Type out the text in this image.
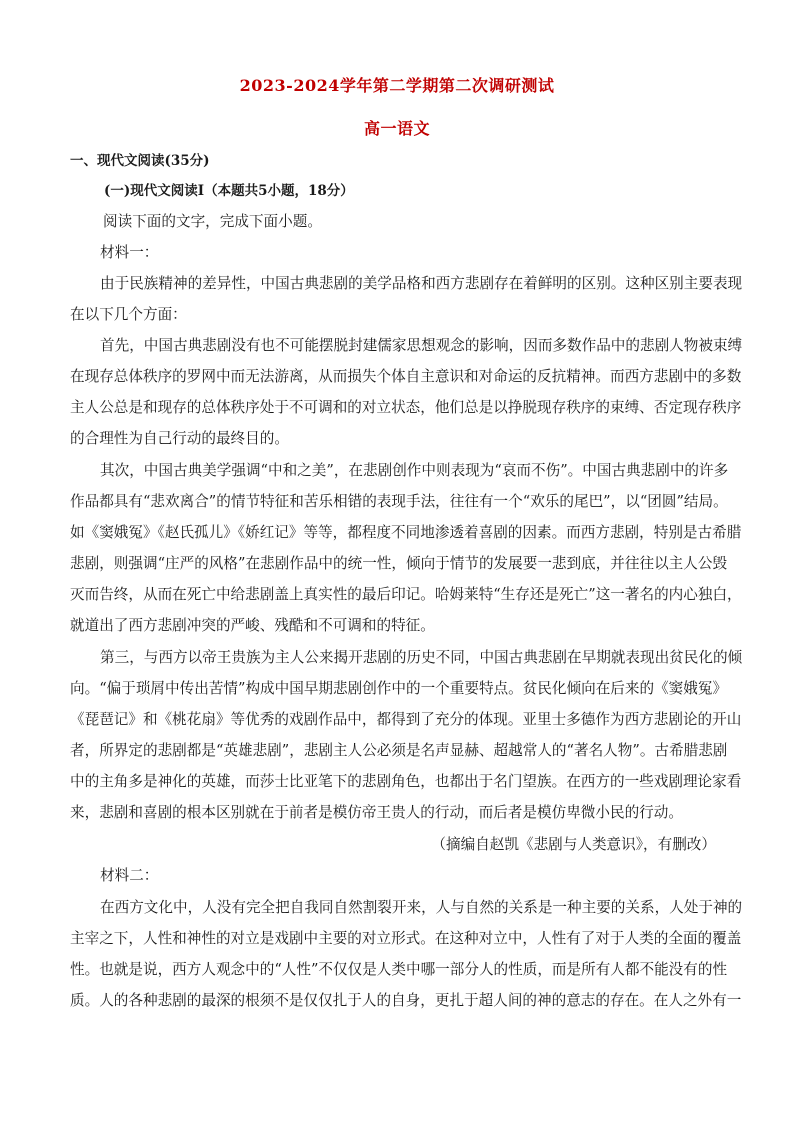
2023-2024学年第二学期第二次调研测试
高一语文
一、现代文阅读(35分)
(一)现代文阅读Ⅰ（本题共5小题，18分）
阅读下面的文字，完成下面小题。
材料一：
由于民族精神的差异性，中国古典悲剧的美学品格和西方悲剧存在着鲜明的区别。这种区别主要表现
在以下几个方面：
首先，中国古典悲剧没有也不可能摆脱封建儒家思想观念的影响，因而多数作品中的悲剧人物被束缚
在现存总体秩序的罗网中而无法游离，从而损失个体自主意识和对命运的反抗精神。而西方悲剧中的多数
主人公总是和现存的总体秩序处于不可调和的对立状态，他们总是以挣脱现存秩序的束缚、否定现存秩序
的合理性为自己行动的最终目的。
其次，中国古典美学强调“中和之美”，在悲剧创作中则表现为“哀而不伤”。中国古典悲剧中的许多
作品都具有“悲欢离合”的情节特征和苦乐相错的表现手法，往往有一个“欢乐的尾巴”，以“团圆”结局。
如《窦娥冤》《赵氏孤儿》《娇红记》等等，都程度不同地渗透着喜剧的因素。而西方悲剧，特别是古希腊
悲剧，则强调“庄严的风格”在悲剧作品中的统一性，倾向于情节的发展要一悲到底，并往往以主人公毁
灭而告终，从而在死亡中给悲剧盖上真实性的最后印记。哈姆莱特“生存还是死亡”这一著名的内心独白，
就道出了西方悲剧冲突的严峻、残酷和不可调和的特征。
第三，与西方以帝王贵族为主人公来揭开悲剧的历史不同，中国古典悲剧在早期就表现出贫民化的倾
向。“偏于琐屑中传出苦情”构成中国早期悲剧创作中的一个重要特点。贫民化倾向在后来的《窦娥冤》
《琵琶记》和《桃花扇》等优秀的戏剧作品中，都得到了充分的体现。亚里士多德作为西方悲剧论的开山
者，所界定的悲剧都是“英雄悲剧”，悲剧主人公必须是名声显赫、超越常人的“著名人物”。古希腊悲剧
中的主角多是神化的英雄，而莎士比亚笔下的悲剧角色，也都出于名门望族。在西方的一些戏剧理论家看
来，悲剧和喜剧的根本区别就在于前者是模仿帝王贵人的行动，而后者是模仿卑微小民的行动。
（摘编自赵凯《悲剧与人类意识》，有删改）
材料二：
在西方文化中，人没有完全把自我同自然割裂开来，人与自然的关系是一种主要的关系，人处于神的
主宰之下，人性和神性的对立是戏剧中主要的对立形式。在这种对立中，人性有了对于人类的全面的覆盖
性。也就是说，西方人观念中的“人性”不仅仅是人类中哪一部分人的性质，而是所有人都不能没有的性
质。人的各种悲剧的最深的根须不是仅仅扎于人的自身，更扎于超人间的神的意志的存在。在人之外有一
